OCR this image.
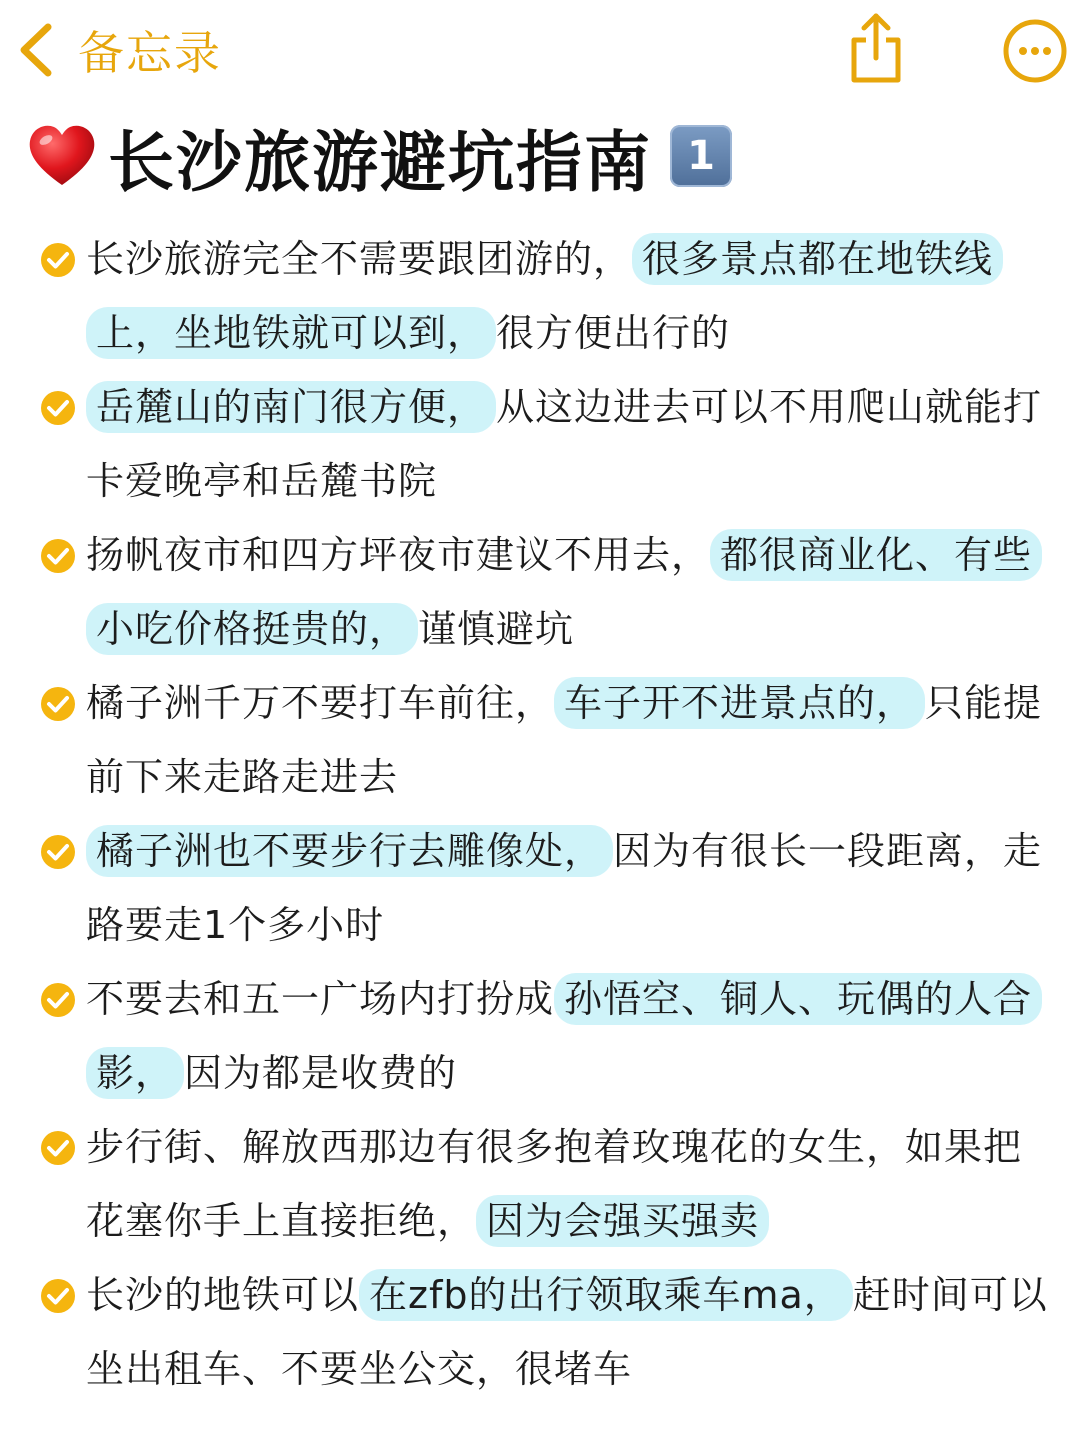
备忘录
长沙旅游避坑指南 1
长沙旅游完全不需要跟团游的， 很多景点都在地铁线上，坐地铁就可以到， 很方便出行的
岳麓山的南门很方便， 从这边进去可以不用爬山就能打卡爱晚亭和岳麓书院
扬帆夜市和四方坪夜市建议不用去， 都很商业化、有些小吃价格挺贵的， 谨慎避坑
橘子洲千万不要打车前往， 车子开不进景点的， 只能提前下来走路走进去
橘子洲也不要步行去雕像处， 因为有很长一段距离，走路要走1个多小时
不要去和五一广场内打扮成 孙悟空、铜人、玩偶的人合影， 因为都是收费的
步行街、解放西那边有很多抱着玫瑰花的女生，如果把花塞你手上直接拒绝， 因为会强买强卖
长沙的地铁可以 在zfb的出行领取乘车ma， 赶时间可以坐出租车、不要坐公交，很堵车
